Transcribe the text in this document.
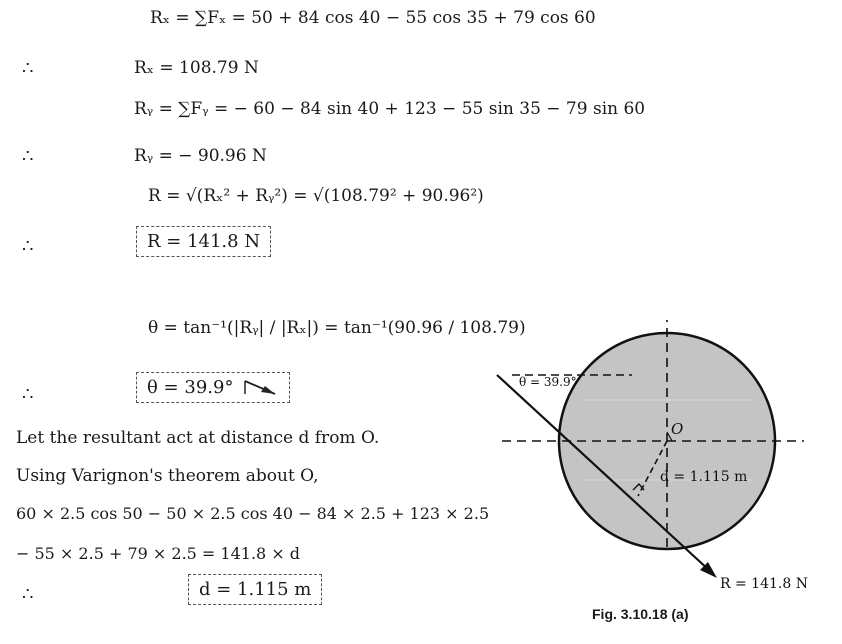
Rₓ = ∑Fₓ = 50 + 84 cos 40 − 55 cos 35 + 79 cos 60
∴	Rₓ = 108.79 N
Rᵧ = ∑Fᵧ = − 60 − 84 sin 40 + 123 − 55 sin 35 − 79 sin 60
∴	Rᵧ = − 90.96 N
R = √(Rₓ² + Rᵧ²) = √(108.79² + 90.96²)
∴	R = 141.8 N
θ = tan⁻¹(|Rᵧ| / |Rₓ|) = tan⁻¹(90.96 / 108.79)
∴	θ = 39.9°
Let the resultant act at distance d from O.
Using Varignon's theorem about O,
60 × 2.5 cos 50 − 50 × 2.5 cos 40 − 84 × 2.5 + 123 × 2.5
− 55 × 2.5 + 79 × 2.5 = 141.8 × d
∴	d = 1.115 m
θ = 39.9°
O
d = 1.115 m
R = 141.8 N
Fig. 3.10.18 (a)
